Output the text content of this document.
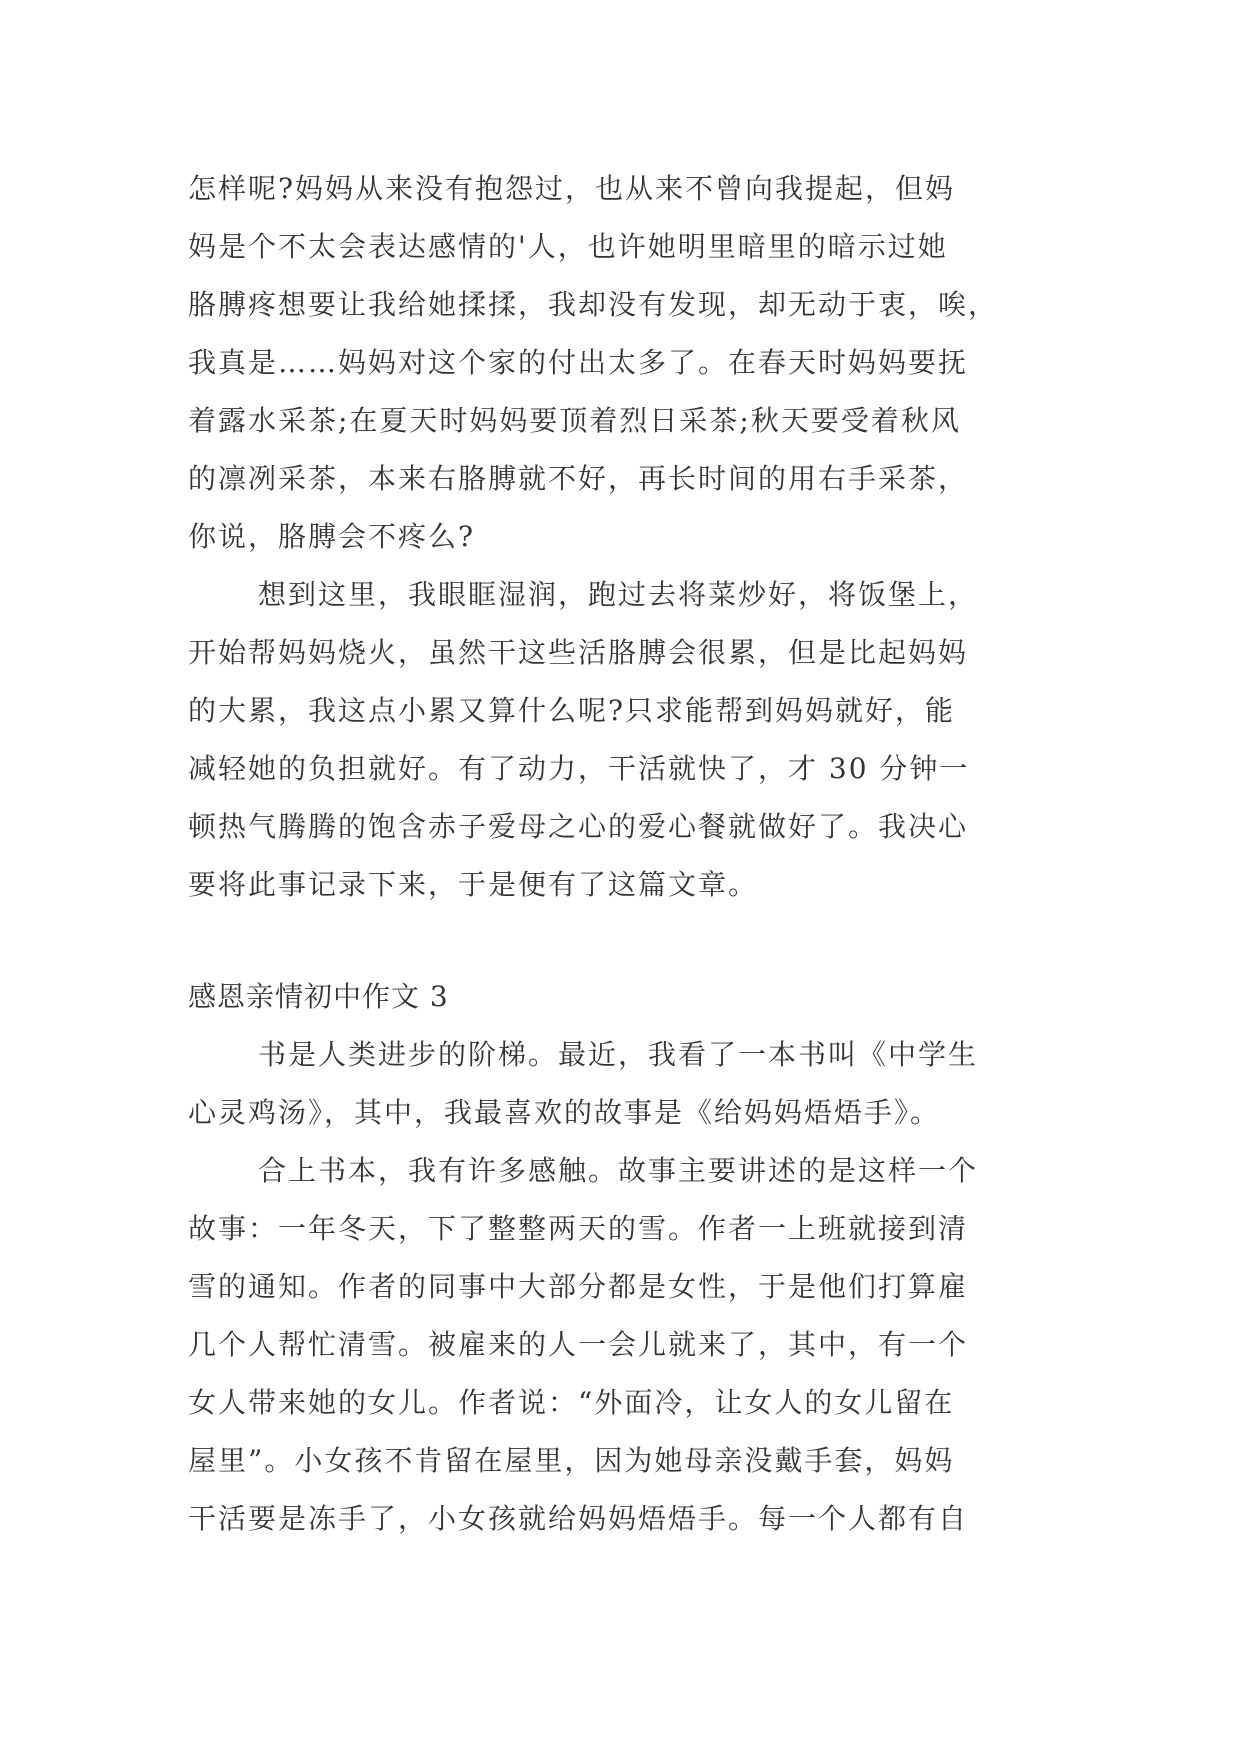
怎样呢?妈妈从来没有抱怨过，也从来不曾向我提起，但妈
妈是个不太会表达感情的'人，也许她明里暗里的暗示过她
胳膊疼想要让我给她揉揉，我却没有发现，却无动于衷，唉，
我真是……妈妈对这个家的付出太多了。在春天时妈妈要抚
着露水采茶;在夏天时妈妈要顶着烈日采茶;秋天要受着秋风
的凛冽采茶，本来右胳膊就不好，再长时间的用右手采茶，
你说，胳膊会不疼么?
想到这里，我眼眶湿润，跑过去将菜炒好，将饭堡上，
开始帮妈妈烧火，虽然干这些活胳膊会很累，但是比起妈妈
的大累，我这点小累又算什么呢?只求能帮到妈妈就好，能
减轻她的负担就好。有了动力，干活就快了，才 30 分钟一
顿热气腾腾的饱含赤子爱母之心的爱心餐就做好了。我决心
要将此事记录下来，于是便有了这篇文章。
感恩亲情初中作文 3
书是人类进步的阶梯。最近，我看了一本书叫《中学生
心灵鸡汤》，其中，我最喜欢的故事是《给妈妈焐焐手》。
合上书本，我有许多感触。故事主要讲述的是这样一个
故事：一年冬天，下了整整两天的雪。作者一上班就接到清
雪的通知。作者的同事中大部分都是女性，于是他们打算雇
几个人帮忙清雪。被雇来的人一会儿就来了，其中，有一个
女人带来她的女儿。作者说：“外面冷，让女人的女儿留在
屋里”。小女孩不肯留在屋里，因为她母亲没戴手套，妈妈
干活要是冻手了，小女孩就给妈妈焐焐手。每一个人都有自
